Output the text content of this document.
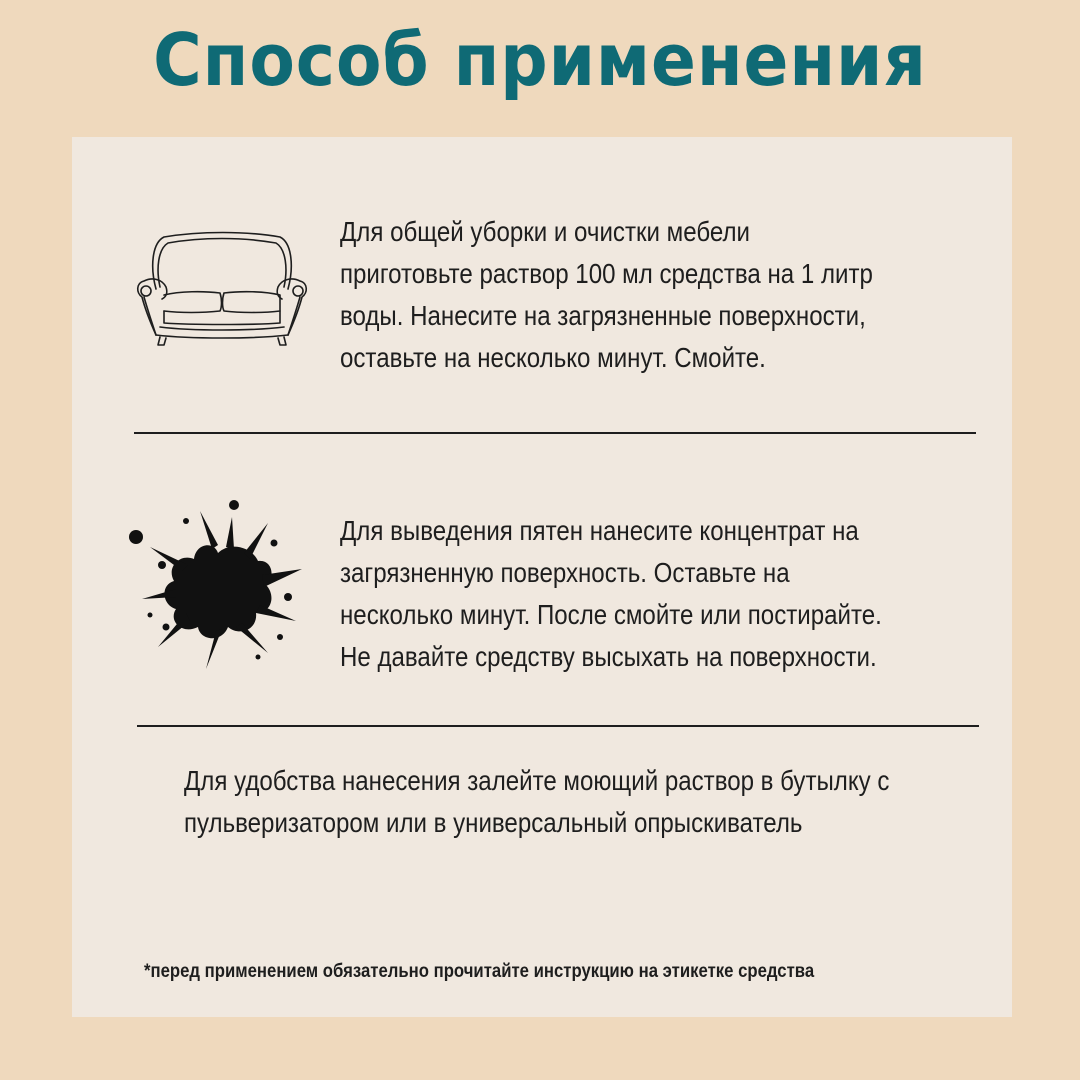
Способ применения
Для общей уборки и очистки мебели
приготовьте раствор 100 мл средства на 1 литр
воды. Нанесите на загрязненные поверхности,
оставьте на несколько минут. Смойте.
Для выведения пятен нанесите концентрат на
загрязненную поверхность. Оставьте на
несколько минут. После смойте или постирайте.
Не давайте средству высыхать на поверхности.
Для удобства нанесения залейте моющий раствор в бутылку с
пульверизатором или в универсальный опрыскиватель
*перед применением обязательно прочитайте инструкцию на этикетке средства
